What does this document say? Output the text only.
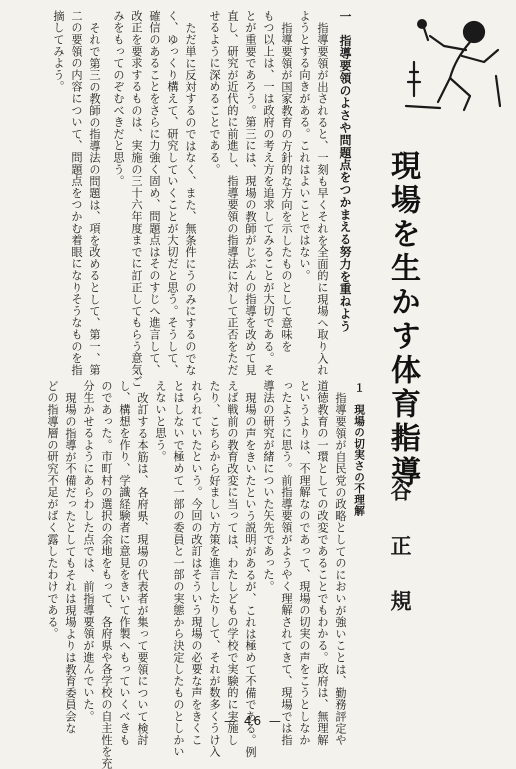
現場を生かす体育指導
土谷正規
一　指導要領のよさや問題点をつかまえる努力を重ねよう
指導要領が出されると、一刻も早くそれを全面的に現場へ取り入れ
ようとする向きがある。これはよいことではない。
指導要領が国家教育の方針的な方向を示したものとして意味を
もつ以上は、一は政府の考え方を追求してみることが大切である。そ
とが重要であろう。第三には、現場の教師がじぶんの指導を改めて見
直し、研究が近代的に前進し、指導要領の指導法に対して正否をただ
せるように深めることである。
ただ単に反対するのではなく、また、無条件にうのみにするのでな
く、ゆっくり構えて、研究していくことが大切だと思う。そうして、
確信のあることをさらに力強く固め、問題点はそのすじへ進言して、
改正を要求するものは、実施の三十六年度までに訂正してもらう意気ご
みをもってのぞむべきだと思う。
それで第三の教師の指導法の問題は、項を改めるとして、第一、第
二の要領の内容について、問題点をつかむ着眼になりそうなものを指
摘してみよう。
１　現場の切実さの不理解
指導要領が自民党の政略としてのにおいが強いことは、勤務評定や
道徳教育の一環としての改変であることでもわかる。政府は、無理解
というよりは、不理解なのであって、現場の切実の声をこうとしなか
ったように思う。前指導要領がようやく理解されてきて、現場では指
導法の研究が緒についた矢先であった。
現場の声をきいたという説明があるが、これは極めて不備である。例
えば戦前の教育改変に当っては、わたしどもの学校で実験的に実施し
たり、こちらから好ましい方策を進言したりして、それが数多くうけ入
れられていたという。今回の改訂はそういう現場の必要な声をきくこ
とはしないで極めて一部の委員と一部の実態から決定したものとしかい
えないと思う。
改訂する本筋は、各府県、現場の代表者が集って要領について検討
し、構想を作り、学識経験者に意見をきいて作製へもっていくべきも
のであった。市町村の選択の余地をもって、各府県や各学校の自主性を充
分生かせるようにあらわした点では、前指導要領が進んでいた。
現場の指導が不備だったとしてもそれは現場よりは教育委員会な
どの指導層の研究不足がばく露したわけである。
— 46 —
